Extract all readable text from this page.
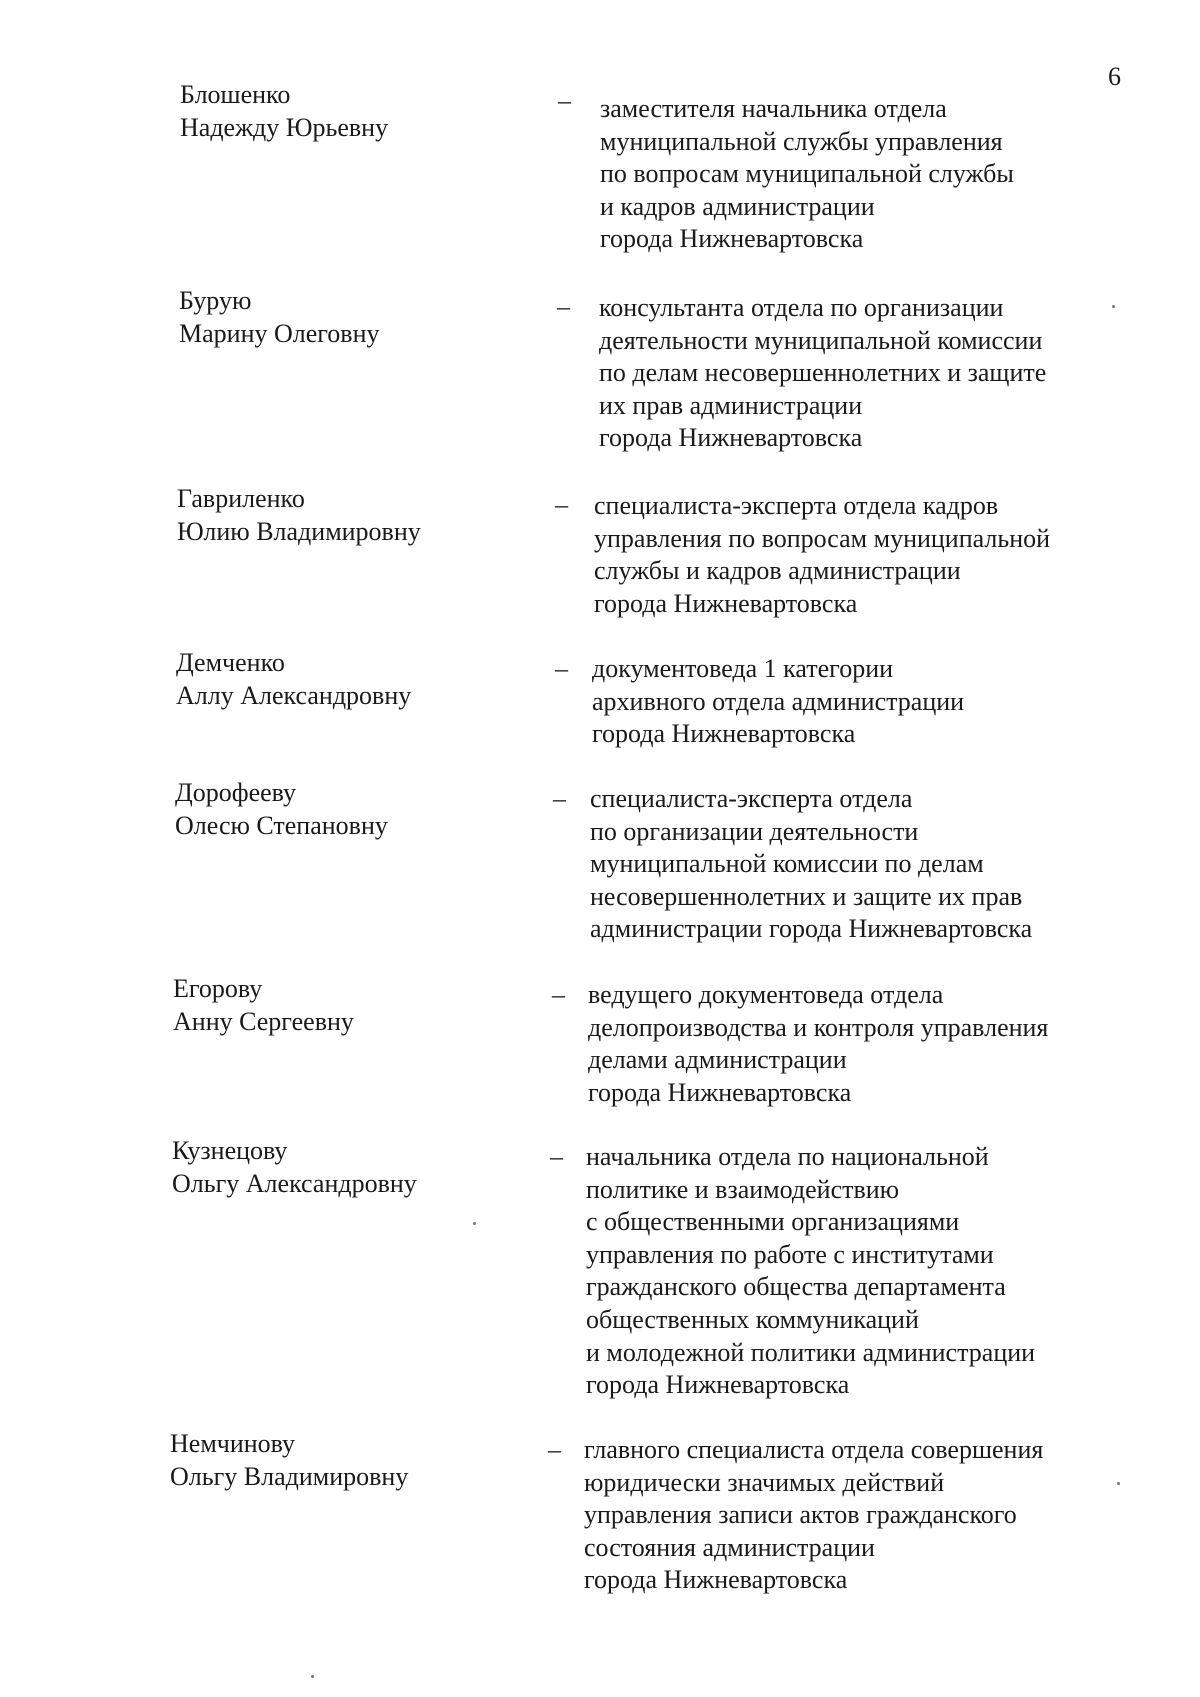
6
Блошенко
Надежду Юрьевну
– заместителя начальника отдела
муниципальной службы управления
по вопросам муниципальной службы
и кадров администрации
города Нижневартовска
Бурую
Марину Олеговну
– консультанта отдела по организации
деятельности муниципальной комиссии
по делам несовершеннолетних и защите
их прав администрации
города Нижневартовска
Гавриленко
Юлию Владимировну
– специалиста-эксперта отдела кадров
управления по вопросам муниципальной
службы и кадров администрации
города Нижневартовска
Демченко
Аллу Александровну
– документоведа 1 категории
архивного отдела администрации
города Нижневартовска
Дорофееву
Олесю Степановну
– специалиста-эксперта отдела
по организации деятельности
муниципальной комиссии по делам
несовершеннолетних и защите их прав
администрации города Нижневартовска
Егорову
Анну Сергеевну
– ведущего документоведа отдела
делопроизводства и контроля управления
делами администрации
города Нижневартовска
Кузнецову
Ольгу Александровну
– начальника отдела по национальной
политике и взаимодействию
с общественными организациями
управления по работе с институтами
гражданского общества департамента
общественных коммуникаций
и молодежной политики администрации
города Нижневартовска
Немчинову
Ольгу Владимировну
– главного специалиста отдела совершения
юридически значимых действий
управления записи актов гражданского
состояния администрации
города Нижневартовска
